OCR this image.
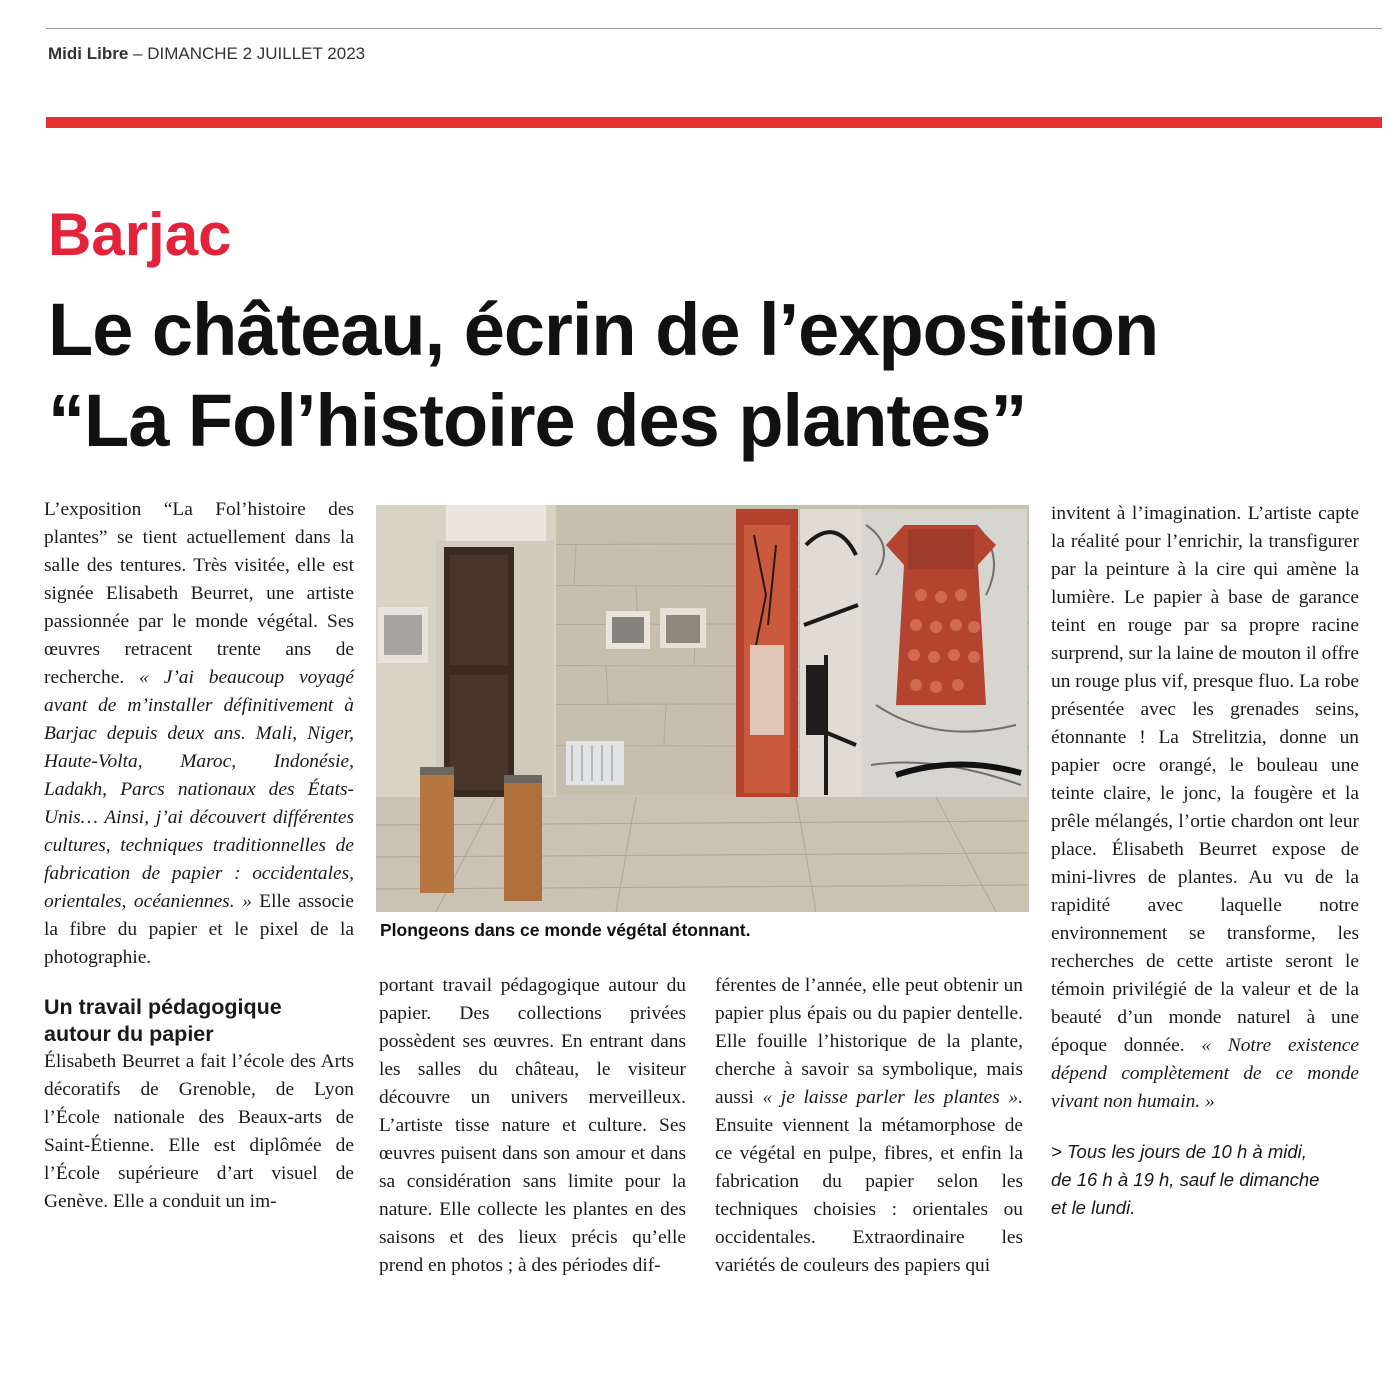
Midi Libre – DIMANCHE 2 JUILLET 2023
Barjac
Le château, écrin de l’exposition
“La Fol’histoire des plantes”

L’exposition “La Fol’histoire des plantes” se tient actuellement dans la salle des tentures. Très visitée, elle est signée Elisabeth Beurret, une artiste passionnée par le monde végétal. Ses œuvres retracent trente ans de recherche. « J’ai beaucoup voyagé avant de m’installer définitivement à Barjac depuis deux ans. Mali, Niger, Haute-Volta, Maroc, Indonésie, Ladakh, Parcs nationaux des États-Unis… Ainsi, j’ai découvert différentes cultures, techniques traditionnelles de fabrication de papier : occidentales, orientales, océaniennes. » Elle associe la fibre du papier et le pixel de la photographie.

Un travail pédagogique autour du papier

Élisabeth Beurret a fait l’école des Arts décoratifs de Grenoble, de Lyon l’École nationale des Beaux-arts de Saint-Étienne. Elle est diplômée de l’École supérieure d’art visuel de Genève. Elle a conduit un im-

Plongeons dans ce monde végétal étonnant.

portant travail pédagogique autour du papier. Des collections privées possèdent ses œuvres. En entrant dans les salles du château, le visiteur découvre un univers merveilleux. L’artiste tisse nature et culture. Ses œuvres puisent dans son amour et dans sa considération sans limite pour la nature. Elle collecte les plantes en des saisons et des lieux précis qu’elle prend en photos ; à des périodes dif-

férentes de l’année, elle peut obtenir un papier plus épais ou du papier dentelle. Elle fouille l’historique de la plante, cherche à savoir sa symbolique, mais aussi « je laisse parler les plantes ». Ensuite viennent la métamorphose de ce végétal en pulpe, fibres, et enfin la fabrication du papier selon les techniques choisies : orientales ou occidentales. Extraordinaire les variétés de couleurs des papiers qui

invitent à l’imagination. L’artiste capte la réalité pour l’enrichir, la transfigurer par la peinture à la cire qui amène la lumière. Le papier à base de garance teint en rouge par sa propre racine surprend, sur la laine de mouton il offre un rouge plus vif, presque fluo. La robe présentée avec les grenades seins, étonnante ! La Strelitzia, donne un papier ocre orangé, le bouleau une teinte claire, le jonc, la fougère et la prêle mélangés, l’ortie chardon ont leur place. Élisabeth Beurret expose de mini-livres de plantes. Au vu de la rapidité avec laquelle notre environnement se transforme, les recherches de cette artiste seront le témoin privilégié de la valeur et de la beauté d’un monde naturel à une époque donnée. « Notre existence dépend complètement de ce monde vivant non humain. »

> Tous les jours de 10 h à midi,
de 16 h à 19 h, sauf le dimanche
et le lundi.
